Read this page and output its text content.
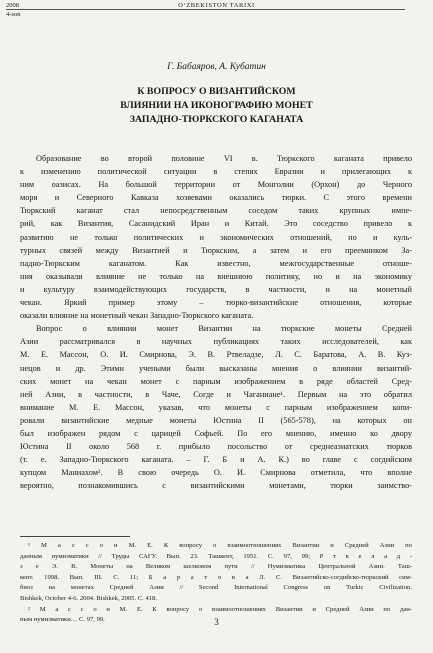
2008	O‘ZBEKISTON TARIXI
4-son
Г. Бабаяров, А. Кубатин
К ВОПРОСУ О ВИЗАНТИЙСКОМ
ВЛИЯНИИ НА ИКОНОГРАФИЮ МОНЕТ
ЗАПАДНО-ТЮРКСКОГО КАГАНАТА
Образование во второй половине VI в. Тюркского каганата привело
к изменению политической ситуации в степях Евразии и прилегающих к
ним оазисах. На большой территории от Монголии (Орхон) до Черного
моря и Северного Кавказа хозяевами оказались тюрки. С этого времени
Тюркский каганат стал непосредственным соседом таких крупных импе-
рий, как Византия, Сасанидский Иран и Китай. Это соседство привело к
развитию не только политических и экономических отношений, но и куль-
турных связей между Византией и Тюркским, а затем и его преемником За-
падно-Тюркским каганатом. Как известно, межгосударственные отноше-
ния оказывали влияние не только на внешнюю политику, но и на экономику
и культуру взаимодействующих государств, в частности, и на монетный
чекан. Яркий пример этому – тюрко-византийские отношения, которые
оказали влияние на монетный чекан Западно-Тюркского каганата.
Вопрос о влиянии монет Византии на тюркские монеты Средней
Азии рассматривался в научных публикациях таких исследователей, как
М. Е. Массон, О. И. Смирнова, Э. В. Ртвеладзе, Л. С. Баратова, А. В. Куз-
нецов и др. Этими учеными были высказаны мнения о влиянии византий-
ских монет на чекан монет с парным изображением в ряде областей Сред-
ней Азии, в частности, в Чаче, Согде и Чаганиане¹. Первым на это обратил
внимание М. Е. Массон, указав, что монеты с парным изображением копи-
ровали византийские медные монеты Юстина II (565-578), на которых он
был изображен рядом с царицей Софьей. По его мнению, именно ко двору
Юстина II около 568 г. прибыло посольство от среднеазиатских тюрков
(т. е. Западно-Тюркского каганата. – Г. Б и А. К.) во главе с согдийским
купцом Маниахом². В свою очередь О. И. Смирнова отметила, что вполне
вероятно, познакомившись с византийскими монетами, тюрки заимство-
¹ М а с с о н М. Е. К вопросу о взаимоотношениях Византии и Средней Азии по
данным нумизматики // Труды САГУ. Вып. 23. Ташкент, 1951. С. 97, 99; Р т в е л а д -
з е Э. В. Монеты на Великом шелковом пути // Нумизматика Центральной Азии. Таш-
кент. 1998. Вып. III. С. 11; Б а р а т о в а Л. С. Византийско-согдийско-тюркский сим-
биоз на монетах Средней Азии // Second International Congress on Turkic Civilization.
Bishkek, October 4-6. 2004. Bishkek, 2005. С. 418.
² М а с с о н М. Е. К вопросу о взаимоотношениях Византии и Средней Азии по дан-
ным нумизматики… С. 97, 99.	3
